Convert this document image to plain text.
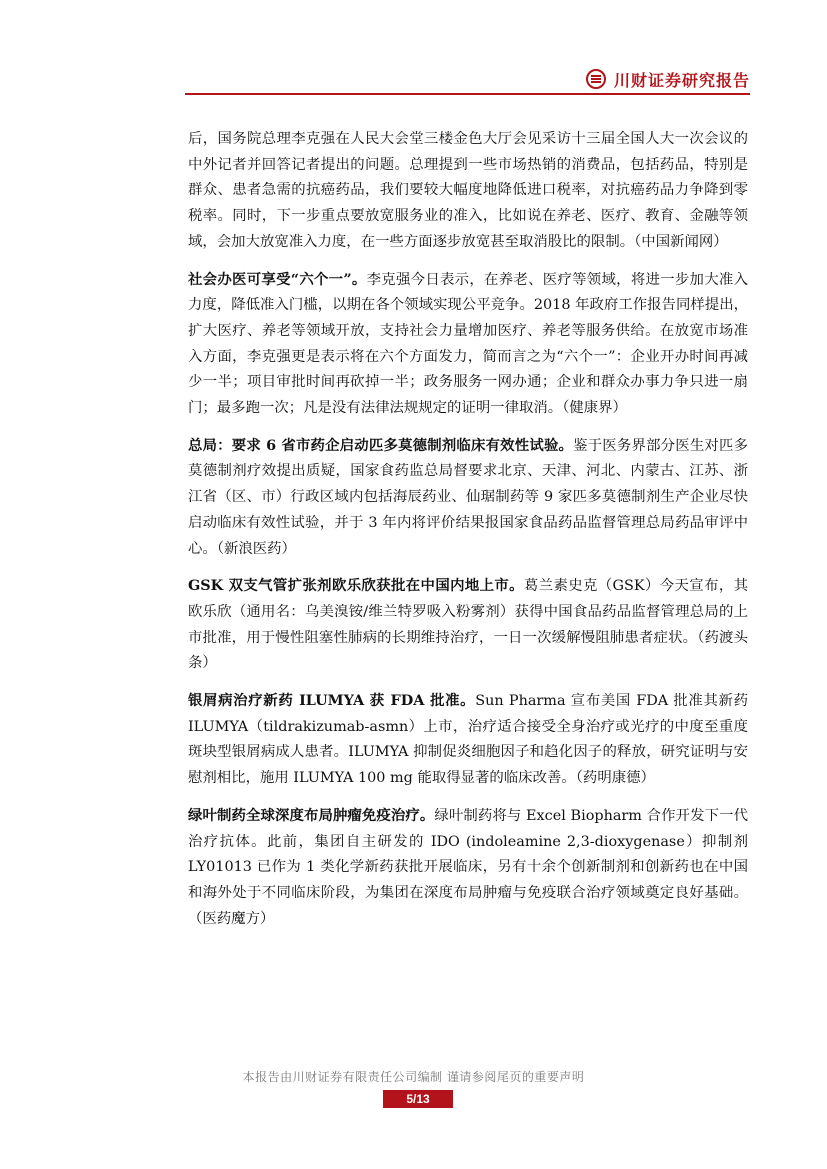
川财证券研究报告

后，国务院总理李克强在人民大会堂三楼金色大厅会见采访十三届全国人大一次会议的中外记者并回答记者提出的问题。总理提到一些市场热销的消费品，包括药品，特别是群众、患者急需的抗癌药品，我们要较大幅度地降低进口税率，对抗癌药品力争降到零税率。同时，下一步重点要放宽服务业的准入，比如说在养老、医疗、教育、金融等领域，会加大放宽准入力度，在一些方面逐步放宽甚至取消股比的限制。（中国新闻网）

社会办医可享受“六个一”。李克强今日表示，在养老、医疗等领域，将进一步加大准入力度，降低准入门槛，以期在各个领域实现公平竞争。2018 年政府工作报告同样提出，扩大医疗、养老等领域开放，支持社会力量增加医疗、养老等服务供给。在放宽市场准入方面，李克强更是表示将在六个方面发力，简而言之为“六个一”：企业开办时间再减少一半；项目审批时间再砍掉一半；政务服务一网办通；企业和群众办事力争只进一扇门；最多跑一次；凡是没有法律法规规定的证明一律取消。（健康界）

总局：要求 6 省市药企启动匹多莫德制剂临床有效性试验。鉴于医务界部分医生对匹多莫德制剂疗效提出质疑，国家食药监总局督要求北京、天津、河北、内蒙古、江苏、浙江省（区、市）行政区域内包括海辰药业、仙琚制药等 9 家匹多莫德制剂生产企业尽快启动临床有效性试验，并于 3 年内将评价结果报国家食品药品监督管理总局药品审评中心。（新浪医药）

GSK 双支气管扩张剂欧乐欣获批在中国内地上市。葛兰素史克（GSK）今天宣布，其欧乐欣（通用名：乌美溴铵/维兰特罗吸入粉雾剂）获得中国食品药品监督管理总局的上市批准，用于慢性阻塞性肺病的长期维持治疗，一日一次缓解慢阻肺患者症状。（药渡头条）

银屑病治疗新药 ILUMYA 获 FDA 批准。Sun Pharma 宣布美国 FDA 批准其新药 ILUMYA（tildrakizumab-asmn）上市，治疗适合接受全身治疗或光疗的中度至重度斑块型银屑病成人患者。ILUMYA 抑制促炎细胞因子和趋化因子的释放，研究证明与安慰剂相比，施用 ILUMYA 100 mg 能取得显著的临床改善。（药明康德）

绿叶制药全球深度布局肿瘤免疫治疗。绿叶制药将与 Excel Biopharm 合作开发下一代治疗抗体。此前，集团自主研发的 IDO (indoleamine 2,3-dioxygenase）抑制剂 LY01013 已作为 1 类化学新药获批开展临床，另有十余个创新制剂和创新药也在中国和海外处于不同临床阶段，为集团在深度布局肿瘤与免疫联合治疗领域奠定良好基础。（医药魔方）

本报告由川财证券有限责任公司编制 谨请参阅尾页的重要声明
5/13
